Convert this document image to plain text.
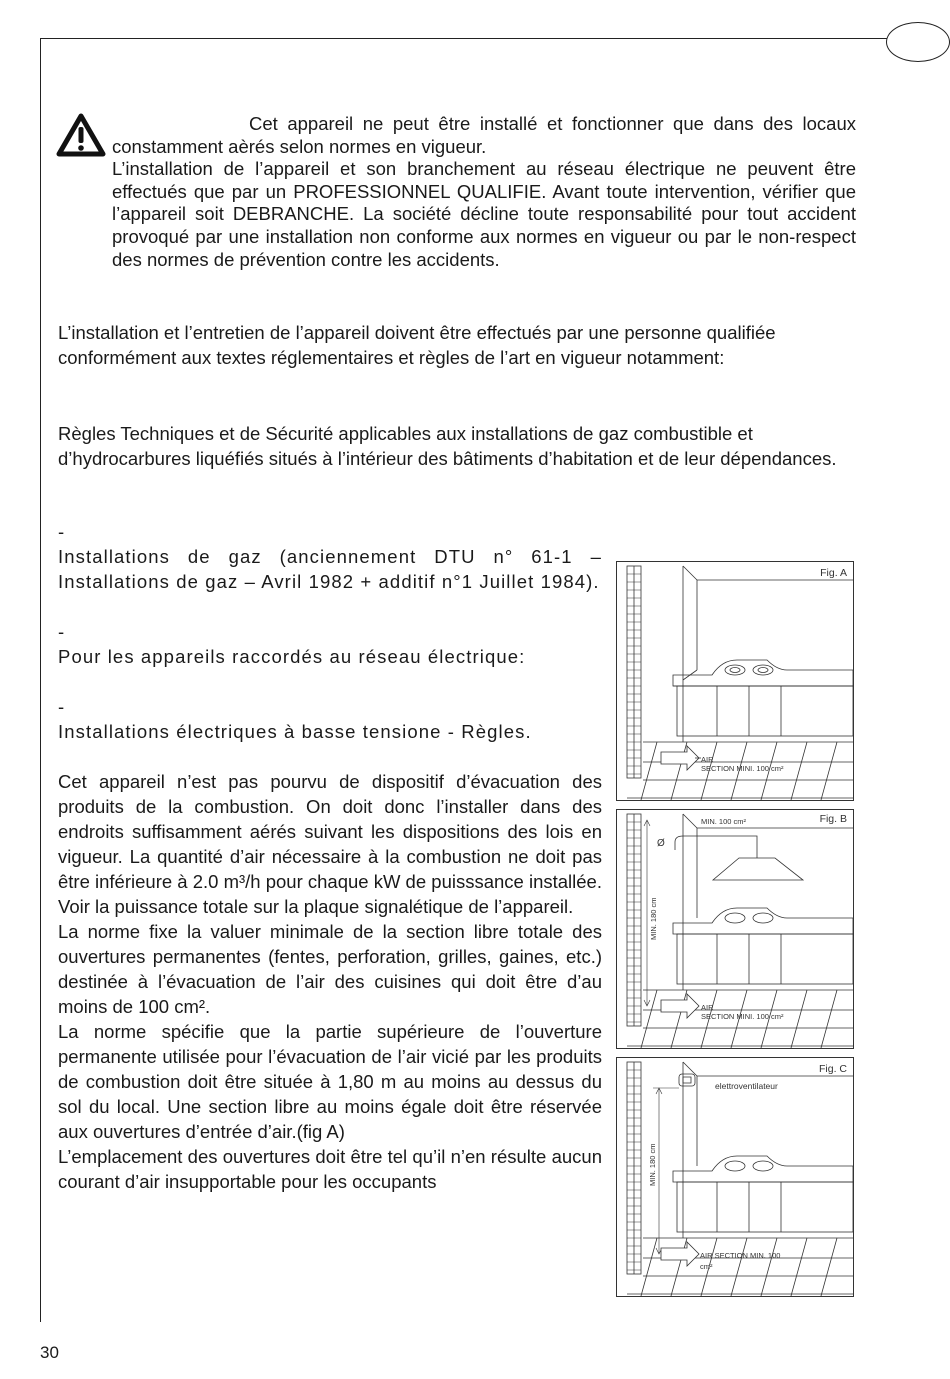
Cet appareil ne peut être installé et fonctionner que dans des locaux constamment aèrés selon normes en vigueur.

L’installation de l’appareil et son branchement au réseau électrique ne peuvent être effectués que par un PROFESSIONNEL QUALIFIE. Avant toute intervention, vérifier que l’appareil soit DEBRANCHE. La société décline toute responsabilité pour tout accident provoqué par une installation non conforme aux normes en vigueur ou par le non-respect des normes de prévention contre les accidents.

L’installation et l’entretien de l’appareil doivent être effectués par une personne qualifiée conformément aux textes réglementaires et règles de l’art en vigueur notamment:

Règles Techniques et de Sécurité applicables aux installations de gaz combustible et d’hydrocarbures liquéfiés situés à l’intérieur des bâtiments d’habitation et de leur dépendances.

-

Installations de gaz (anciennement DTU n° 61-1 – Installations de gaz – Avril 1982 + additif n°1 Juillet 1984).

-

Pour les appareils raccordés au réseau électrique:

-

Installations électriques à basse tensione - Règles.

Cet appareil n’est pas pourvu de dispositif d’évacuation des produits de la combustion. On doit donc l’installer dans des endroits suffisamment aérés suivant les dispositions des lois en vigueur. La quantité d’air nécessaire à la combustion ne doit pas être inférieure à 2.0 m³/h pour chaque kW de puisssance installée.

Voir la puissance totale sur la plaque signalétique de l’appareil.

La norme fixe la valuer minimale de la section libre totale des ouvertures permanentes (fentes, perforation, grilles, gaines, etc.) destinée à l’évacuation de l’air des cuisines qui doit être d’au moins de 100 cm².

La norme spécifie que la partie supérieure de l’ouverture permanente utilisée pour l’évacuation de l’air vicié par les produits de combustion doit être située à 1,80 m au moins au dessus du sol du local. Une section libre au moins égale doit être réservée aux ouvertures d’entrée d’air.(fig A)

L’emplacement des ouvertures doit être tel qu’il n’en résulte aucun courant d’air insupportable pour les occupants

Fig. A
AIR
SECTION MINI. 100 cm²
Fig. B
MIN. 100 cm²
Ø
MIN. 180 cm
AIR
SECTION MINI. 100 cm²
Fig. C
elettroventilateur
MIN. 180 cm
AIR SECTION MIN. 100
cm²
30
